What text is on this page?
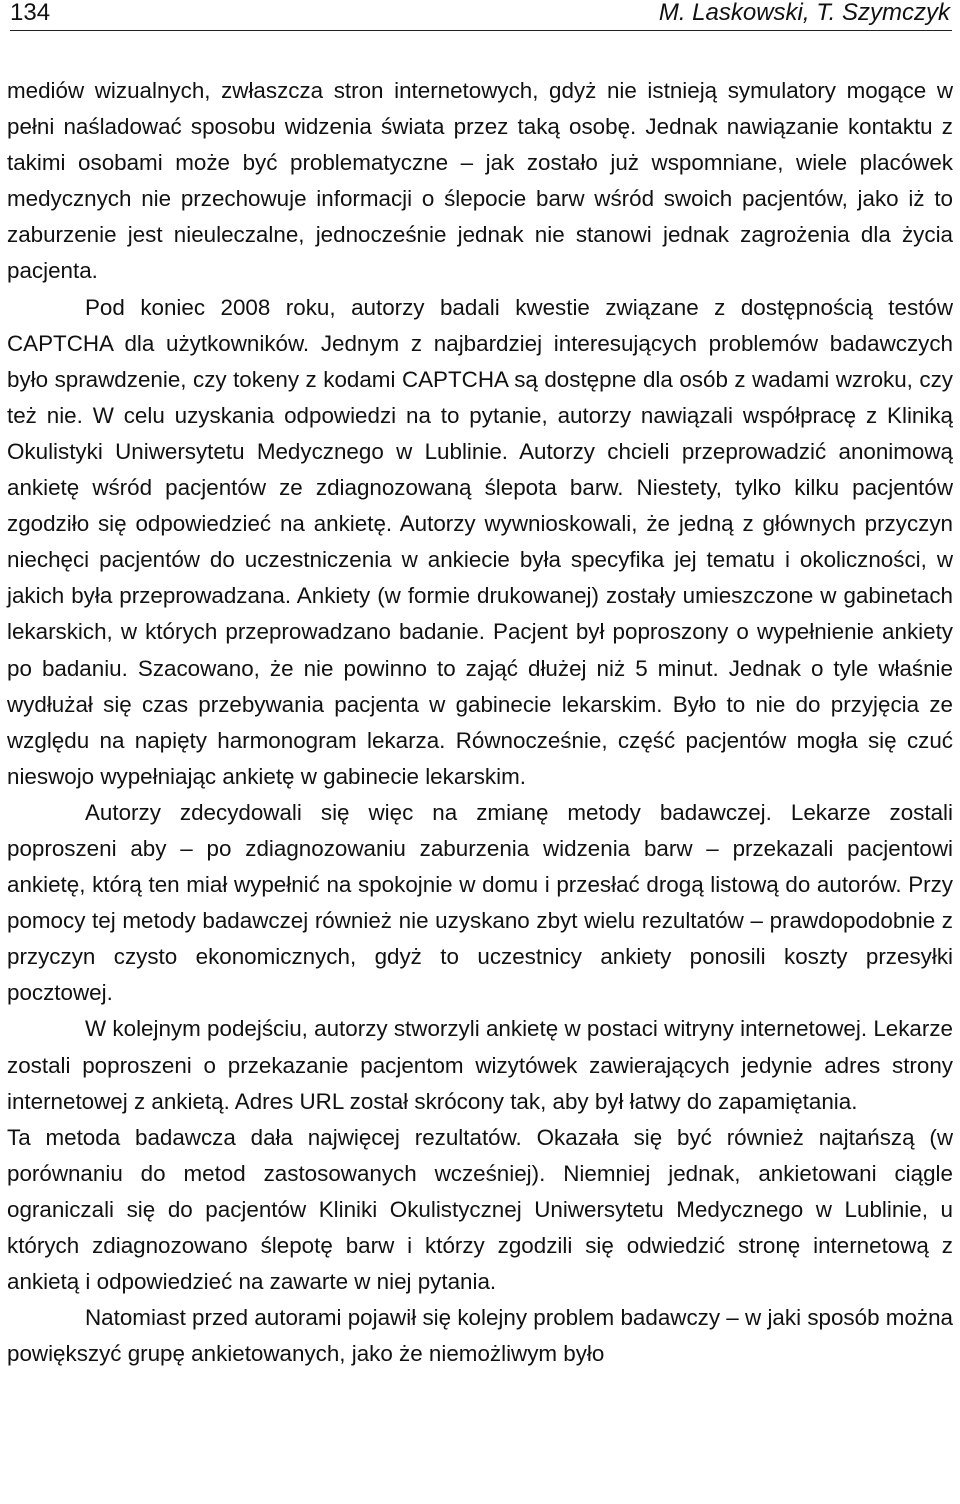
134	M. Laskowski, T. Szymczyk

mediów wizualnych, zwłaszcza stron internetowych, gdyż nie istnieją symulatory mogące w pełni naśladować sposobu widzenia świata przez taką osobę. Jednak nawiązanie kontaktu z takimi osobami może być problematyczne – jak zostało już wspomniane, wiele placówek medycznych nie przechowuje informacji o ślepocie barw wśród swoich pacjentów, jako iż to zaburzenie jest nieuleczalne, jednocześnie jednak nie stanowi jednak zagrożenia dla życia pacjenta.

Pod koniec 2008 roku, autorzy badali kwestie związane z dostępnością testów CAPTCHA dla użytkowników. Jednym z najbardziej interesujących problemów badawczych było sprawdzenie, czy tokeny z kodami CAPTCHA są dostępne dla osób z wadami wzroku, czy też nie. W celu uzyskania odpowiedzi na to pytanie, autorzy nawiązali współpracę z Kliniką Okulistyki Uniwersytetu Medycznego w Lublinie. Autorzy chcieli przeprowadzić anonimową ankietę wśród pacjentów ze zdiagnozowaną ślepota barw. Niestety, tylko kilku pacjentów zgodziło się odpowiedzieć na ankietę. Autorzy wywnioskowali, że jedną z głównych przyczyn niechęci pacjentów do uczestniczenia w ankiecie była specyfika jej tematu i okoliczności, w jakich była przeprowadzana. Ankiety (w formie drukowanej) zostały umieszczone w gabinetach lekarskich, w których przeprowadzano badanie. Pacjent był poproszony o wypełnienie ankiety po badaniu. Szacowano, że nie powinno to zająć dłużej niż 5 minut. Jednak o tyle właśnie wydłużał się czas przebywania pacjenta w gabinecie lekarskim. Było to nie do przyjęcia ze względu na napięty harmonogram lekarza. Równocześnie, część pacjentów mogła się czuć nieswojo wypełniając ankietę w gabinecie lekarskim.

Autorzy zdecydowali się więc na zmianę metody badawczej. Lekarze zostali poproszeni aby – po zdiagnozowaniu zaburzenia widzenia barw – przekazali pacjentowi ankietę, którą ten miał wypełnić na spokojnie w domu i przesłać drogą listową do autorów. Przy pomocy tej metody badawczej również nie uzyskano zbyt wielu rezultatów – prawdopodobnie z przyczyn czysto ekonomicznych, gdyż to uczestnicy ankiety ponosili koszty przesyłki pocztowej.

W kolejnym podejściu, autorzy stworzyli ankietę w postaci witryny internetowej. Lekarze zostali poproszeni o przekazanie pacjentom wizytówek zawierających jedynie adres strony internetowej z ankietą. Adres URL został skrócony tak, aby był łatwy do zapamiętania.

Ta metoda badawcza dała najwięcej rezultatów. Okazała się być również najtańszą (w porównaniu do metod zastosowanych wcześniej). Niemniej jednak, ankietowani ciągle ograniczali się do pacjentów Kliniki Okulistycznej Uniwersytetu Medycznego w Lublinie, u których zdiagnozowano ślepotę barw i którzy zgodzili się odwiedzić stronę internetową z ankietą i odpowiedzieć na zawarte w niej pytania.

Natomiast przed autorami pojawił się kolejny problem badawczy – w jaki sposób można powiększyć grupę ankietowanych, jako że niemożliwym było
